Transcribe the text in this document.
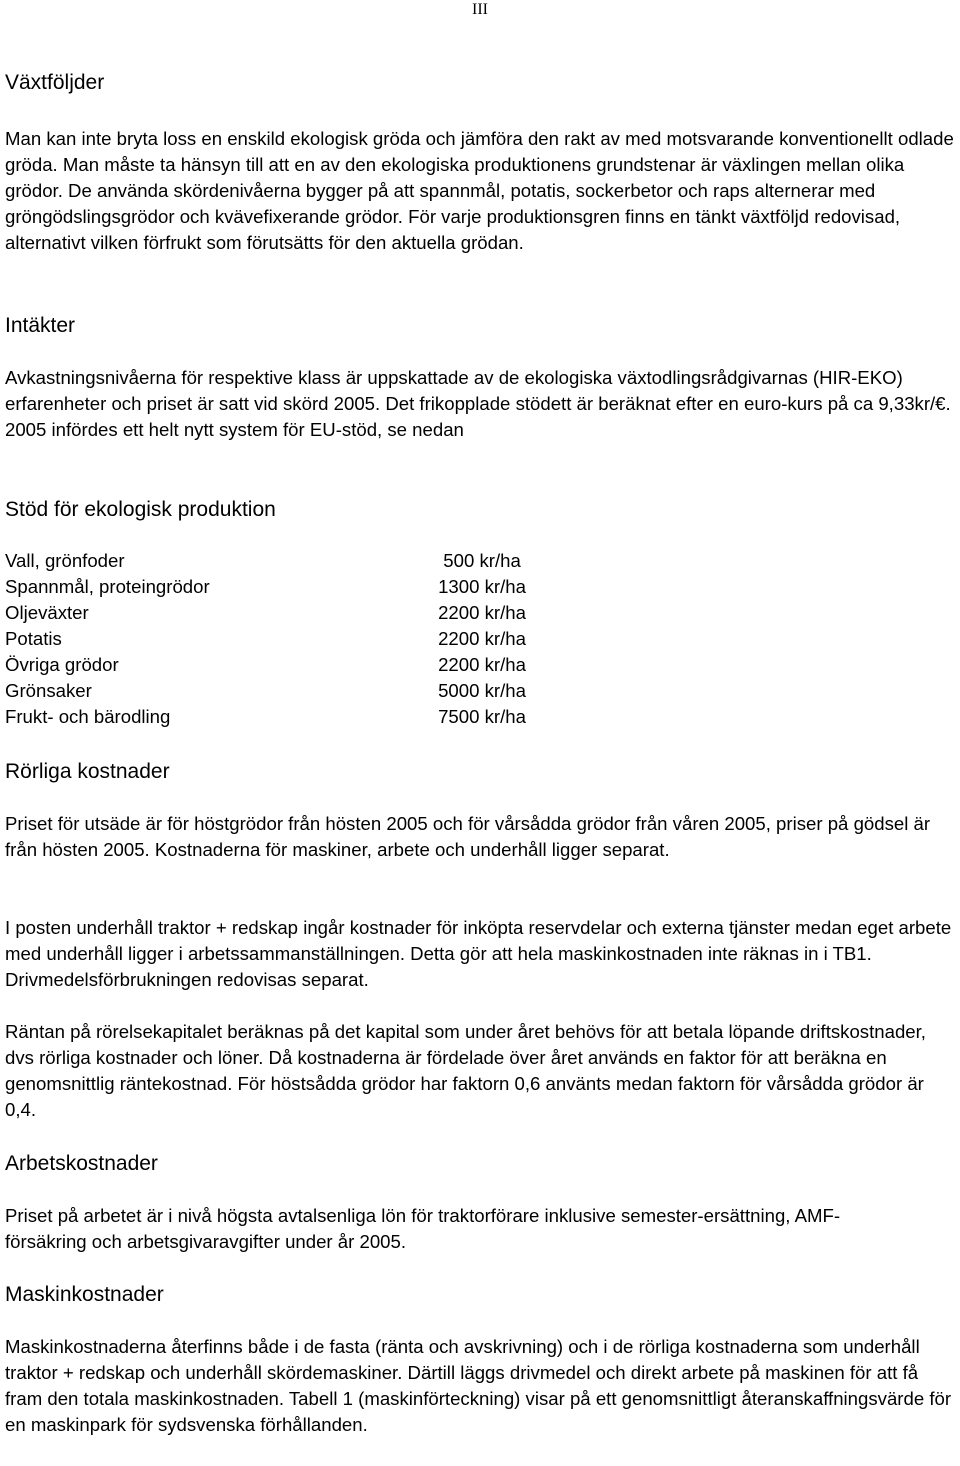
III
Växtföljder

Man kan inte bryta loss en enskild ekologisk gröda och jämföra den rakt av med motsvarande konventionellt odlade gröda. Man måste ta hänsyn till att en av den ekologiska produktionens grundstenar är växlingen mellan olika grödor. De använda skördenivåerna bygger på att spannmål, potatis, sockerbetor och raps alternerar med gröngödslingsgrödor och kvävefixerande grödor. För varje produktionsgren finns en tänkt växtföljd redovisad, alternativt vilken förfrukt som förutsätts för den aktuella grödan.

Intäkter

Avkastningsnivåerna för respektive klass är uppskattade av de ekologiska växtodlingsrådgivarnas (HIR-EKO) erfarenheter och priset är satt vid skörd 2005. Det frikopplade stödett är beräknat efter en euro-kurs på ca 9,33kr/€. 2005 infördes ett helt nytt system för EU-stöd, se nedan

Stöd för ekologisk produktion
Vall, grönfoder	500 kr/ha
Spannmål, proteingrödor	1300 kr/ha
Oljeväxter	2200 kr/ha
Potatis	2200 kr/ha
Övriga grödor	2200 kr/ha
Grönsaker	5000 kr/ha
Frukt- och bärodling	7500 kr/ha
Rörliga kostnader

Priset för utsäde är för höstgrödor från hösten 2005 och för vårsådda grödor från våren 2005, priser på gödsel är från hösten 2005. Kostnaderna för maskiner, arbete och underhåll ligger separat.

I posten underhåll traktor + redskap ingår kostnader för inköpta reservdelar och externa tjänster medan eget arbete med underhåll ligger i arbetssammanställningen. Detta gör att hela maskinkostnaden inte räknas in i TB1. Drivmedelsförbrukningen redovisas separat.

Räntan på rörelsekapitalet beräknas på det kapital som under året behövs för att betala löpande driftskostnader, dvs rörliga kostnader och löner. Då kostnaderna är fördelade över året används en faktor för att beräkna en genomsnittlig räntekostnad. För höstsådda grödor har faktorn 0,6 använts medan faktorn för vårsådda grödor är 0,4.

Arbetskostnader

Priset på arbetet är i nivå högsta avtalsenliga lön för traktorförare inklusive semester-ersättning, AMF-försäkring och arbetsgivaravgifter under år 2005.

Maskinkostnader

Maskinkostnaderna återfinns både i de fasta (ränta och avskrivning) och i de rörliga kostnaderna som underhåll traktor + redskap och underhåll skördemaskiner. Därtill läggs drivmedel och direkt arbete på maskinen för att få fram den totala maskinkostnaden. Tabell 1 (maskinförteckning) visar på ett genomsnittligt återanskaffningsvärde för en maskinpark för sydsvenska förhållanden.
